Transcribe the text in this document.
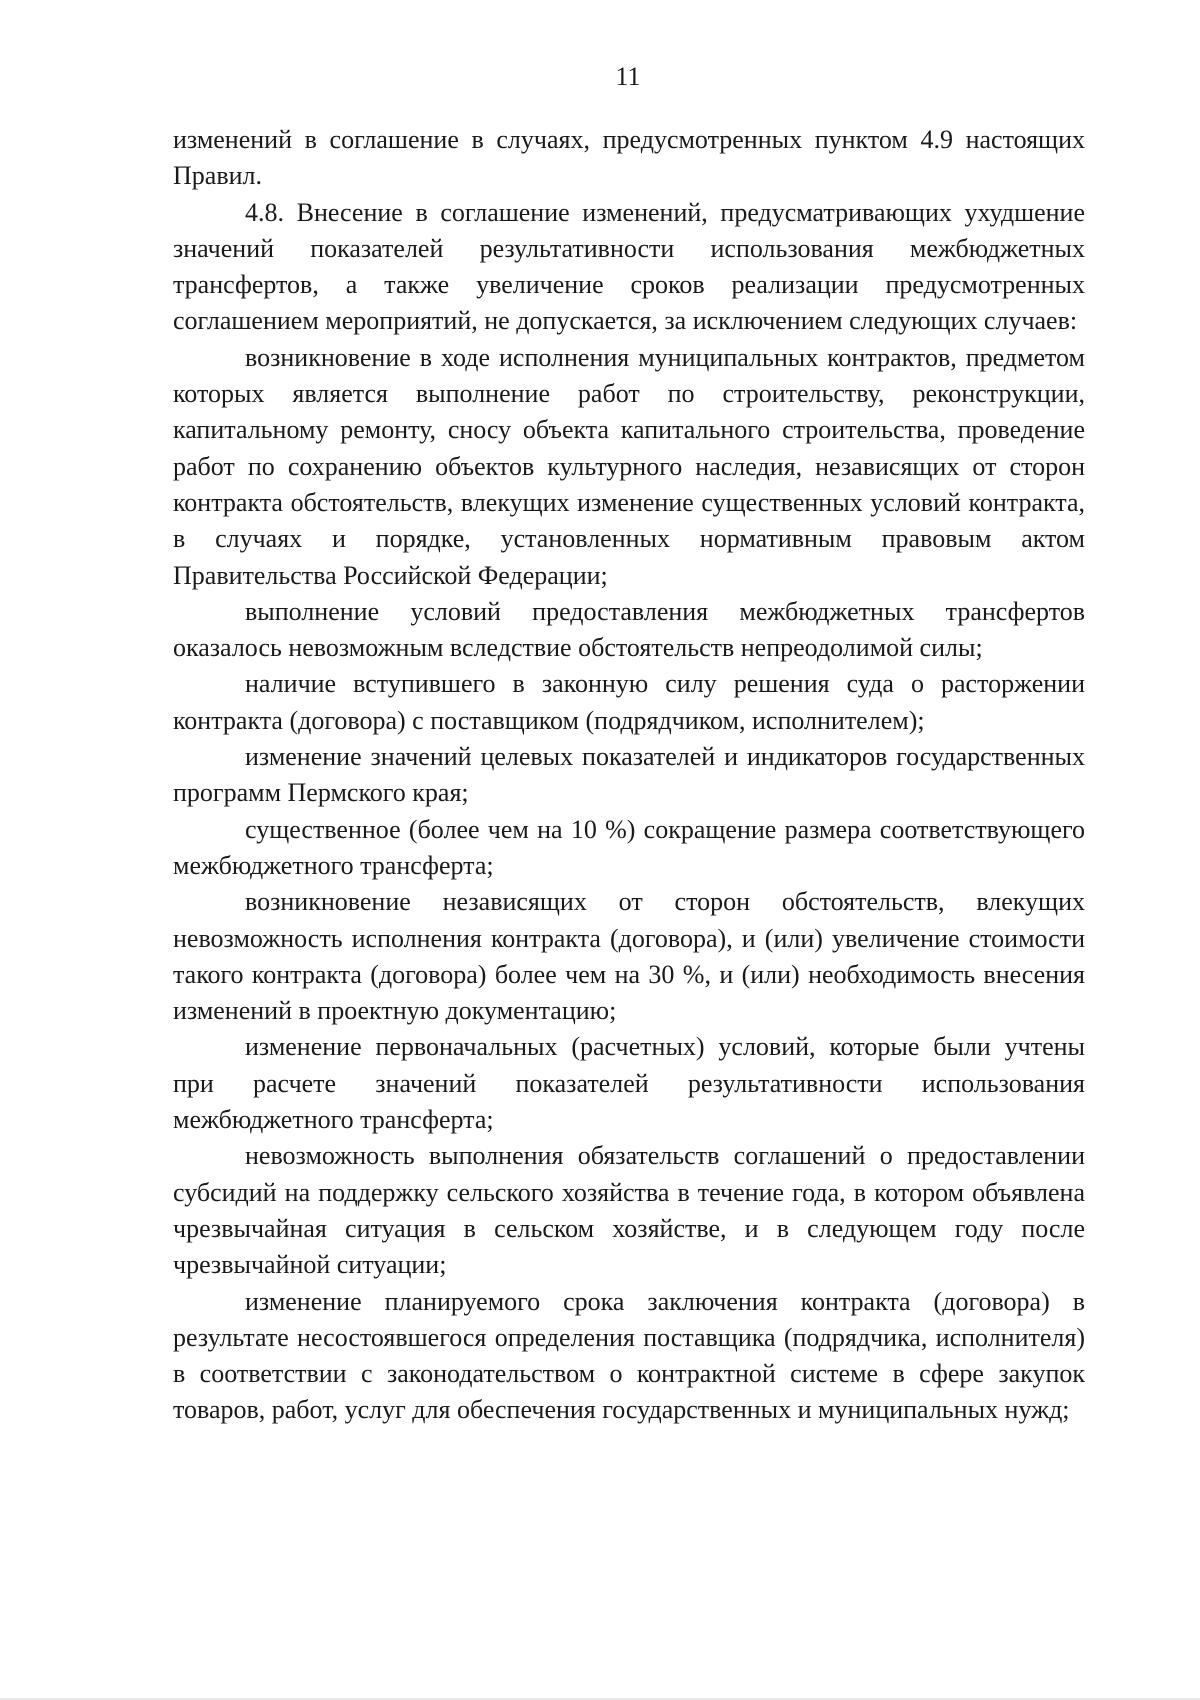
11

изменений в соглашение в случаях, предусмотренных пунктом 4.9 настоящих Правил.

4.8. Внесение в соглашение изменений, предусматривающих ухудшение значений показателей результативности использования межбюджетных трансфертов, а также увеличение сроков реализации предусмотренных соглашением мероприятий, не допускается, за исключением следующих случаев:

возникновение в ходе исполнения муниципальных контрактов, предметом которых является выполнение работ по строительству, реконструкции, капитальному ремонту, сносу объекта капитального строительства, проведение работ по сохранению объектов культурного наследия, независящих от сторон контракта обстоятельств, влекущих изменение существенных условий контракта, в случаях и порядке, установленных нормативным правовым актом Правительства Российской Федерации;

выполнение условий предоставления межбюджетных трансфертов оказалось невозможным вследствие обстоятельств непреодолимой силы;

наличие вступившего в законную силу решения суда о расторжении контракта (договора) с поставщиком (подрядчиком, исполнителем);

изменение значений целевых показателей и индикаторов государственных программ Пермского края;

существенное (более чем на 10 %) сокращение размера соответствующего межбюджетного трансферта;

возникновение независящих от сторон обстоятельств, влекущих невозможность исполнения контракта (договора), и (или) увеличение стоимости такого контракта (договора) более чем на 30 %, и (или) необходимость внесения изменений в проектную документацию;

изменение первоначальных (расчетных) условий, которые были учтены при расчете значений показателей результативности использования межбюджетного трансферта;

невозможность выполнения обязательств соглашений о предоставлении субсидий на поддержку сельского хозяйства в течение года, в котором объявлена чрезвычайная ситуация в сельском хозяйстве, и в следующем году после чрезвычайной ситуации;

изменение планируемого срока заключения контракта (договора) в результате несостоявшегося определения поставщика (подрядчика, исполнителя) в соответствии с законодательством о контрактной системе в сфере закупок товаров, работ, услуг для обеспечения государственных и муниципальных нужд;
